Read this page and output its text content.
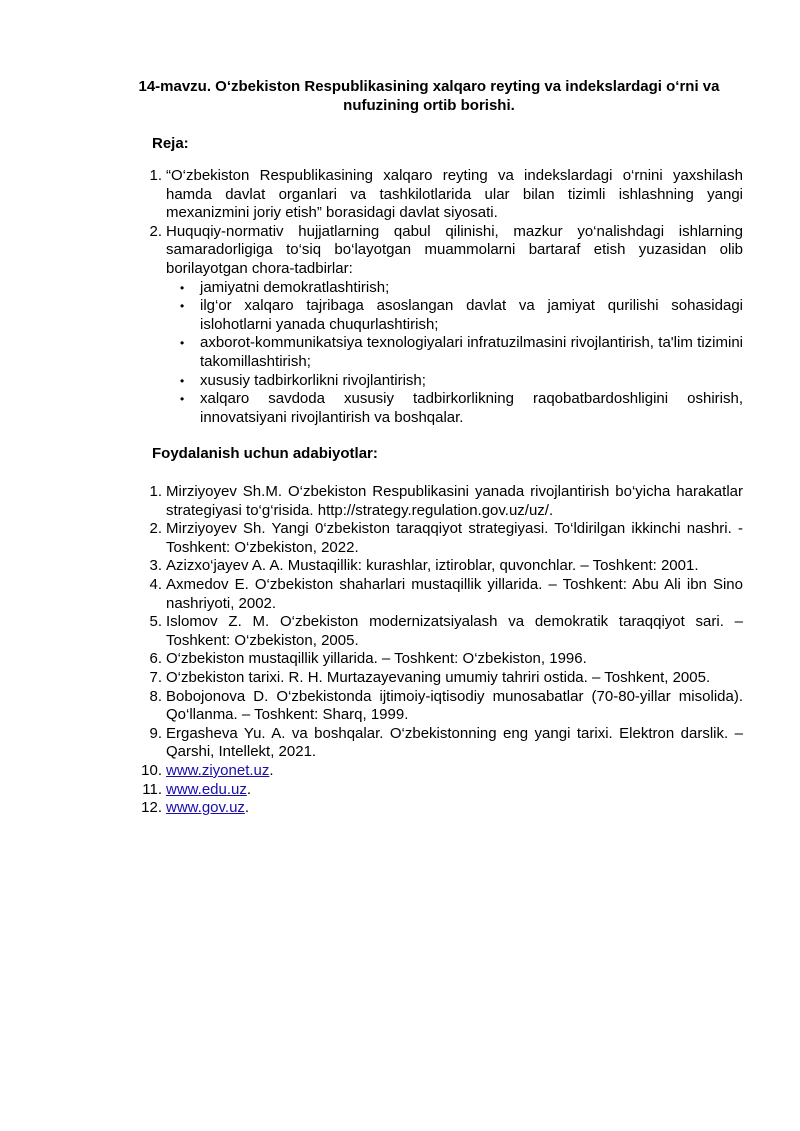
14-mavzu. O‘zbekiston Respublikasining xalqaro reyting va indekslardagi o‘rni va nufuzining ortib borishi.
Reja:
1. “O‘zbekiston Respublikasining xalqaro reyting va indekslardagi o‘rnini yaxshilash hamda davlat organlari va tashkilotlarida ular bilan tizimli ishlashning yangi mexanizmini joriy etish” borasidagi davlat siyosati.
2. Huquqiy-normativ hujjatlarning qabul qilinishi, mazkur yo‘nalishdagi ishlarning samaradorligiga to‘siq bo‘layotgan muammolarni bartaraf etish yuzasidan olib borilayotgan chora-tadbirlar:
• jamiyatni demokratlashtirish;
• ilg‘or xalqaro tajribaga asoslangan davlat va jamiyat qurilishi sohasidagi islohotlarni yanada chuqurlashtirish;
• axborot-kommunikatsiya texnologiyalari infratuzilmasini rivojlantirish, ta'lim tizimini takomillashtirish;
• xususiy tadbirkorlikni rivojlantirish;
• xalqaro savdoda xususiy tadbirkorlikning raqobatbardoshligini oshirish, innovatsiyani rivojlantirish va boshqalar.
Foydalanish uchun adabiyotlar:
1. Mirziyoyev Sh.M. O‘zbekiston Respublikasini yanada rivojlantirish bo‘yicha harakatlar strategiyasi to‘g‘risida. http://strategy.regulation.gov.uz/uz/.
2. Mirziyoyev Sh. Yangi 0‘zbekiston taraqqiyot strategiyasi. To‘ldirilgan ikkinchi nashri. - Toshkent: O‘zbekiston, 2022.
3. Azizxo‘jayev A. A. Mustaqillik: kurashlar, iztiroblar, quvonchlar. – Toshkent: 2001.
4. Axmedov E. O‘zbekiston shaharlari mustaqillik yillarida. – Toshkent: Abu Ali ibn Sino nashriyoti, 2002.
5. Islomov Z. M. O‘zbekiston modernizatsiyalash va demokratik taraqqiyot sari. – Toshkent: O‘zbekiston, 2005.
6. O‘zbekiston mustaqillik yillarida. – Toshkent: O‘zbekiston, 1996.
7. O‘zbekiston tarixi. R. H. Murtazayevaning umumiy tahriri ostida. – Toshkent, 2005.
8. Bobojonova D. O‘zbekistonda ijtimoiy-iqtisodiy munosabatlar (70-80-yillar misolida). Qo‘llanma. – Toshkent: Sharq, 1999.
9. Ergasheva Yu. A. va boshqalar. O‘zbekistonning eng yangi tarixi. Elektron darslik. – Qarshi, Intellekt, 2021.
10. www.ziyonet.uz.
11. www.edu.uz.
12. www.gov.uz.
